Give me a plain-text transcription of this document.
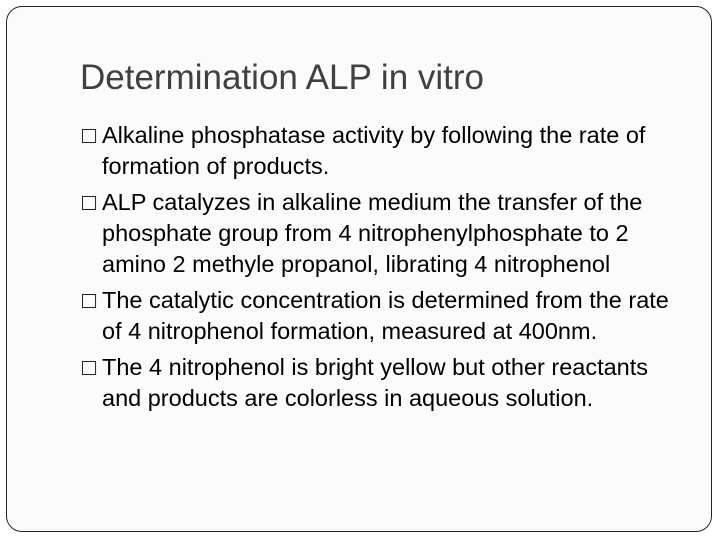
Determination ALP in vitro
□ Alkaline phosphatase activity by following the rate of formation of products.
□ ALP catalyzes in alkaline medium the transfer of the phosphate group from 4 nitrophenylphosphate to 2 amino 2 methyle propanol, librating 4 nitrophenol
□ The catalytic concentration is determined from the rate of 4 nitrophenol formation, measured at 400nm.
□ The 4 nitrophenol is bright yellow but other reactants and products are colorless in aqueous solution.
